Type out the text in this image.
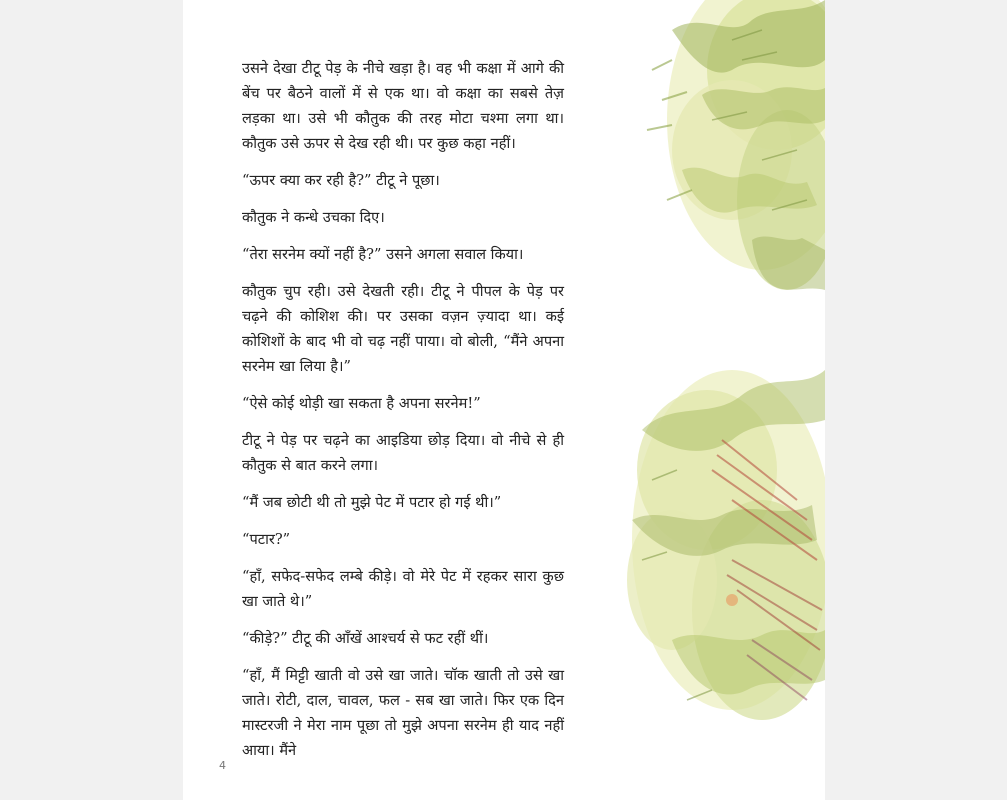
उसने देखा टीटू पेड़ के नीचे खड़ा है। वह भी कक्षा में आगे की बेंच पर बैठने वालों में से एक था। वो कक्षा का सबसे तेज़ लड़का था। उसे भी कौतुक की तरह मोटा चश्मा लगा था। कौतुक उसे ऊपर से देख रही थी। पर कुछ कहा नहीं।

“ऊपर क्या कर रही है?” टीटू ने पूछा।

कौतुक ने कन्धे उचका दिए।

“तेरा सरनेम क्यों नहीं है?” उसने अगला सवाल किया।

कौतुक चुप रही। उसे देखती रही। टीटू ने पीपल के पेड़ पर चढ़ने की कोशिश की। पर उसका वज़न ज़्यादा था। कई कोशिशों के बाद भी वो चढ़ नहीं पाया। वो बोली, “मैंने अपना सरनेम खा लिया है।”

“ऐसे कोई थोड़ी खा सकता है अपना सरनेम!”

टीटू ने पेड़ पर चढ़ने का आइडिया छोड़ दिया। वो नीचे से ही कौतुक से बात करने लगा।

“मैं जब छोटी थी तो मुझे पेट में पटार हो गई थी।”

“पटार?”

“हाँ, सफेद-सफेद लम्बे कीड़े। वो मेरे पेट में रहकर सारा कुछ खा जाते थे।”

“कीड़े?” टीटू की आँखें आश्चर्य से फट रहीं थीं।

“हाँ, मैं मिट्टी खाती वो उसे खा जाते। चॉक खाती तो उसे खा जाते। रोटी, दाल, चावल, फल - सब खा जाते। फिर एक दिन मास्टरजी ने मेरा नाम पूछा तो मुझे अपना सरनेम ही याद नहीं आया। मैंने

4
